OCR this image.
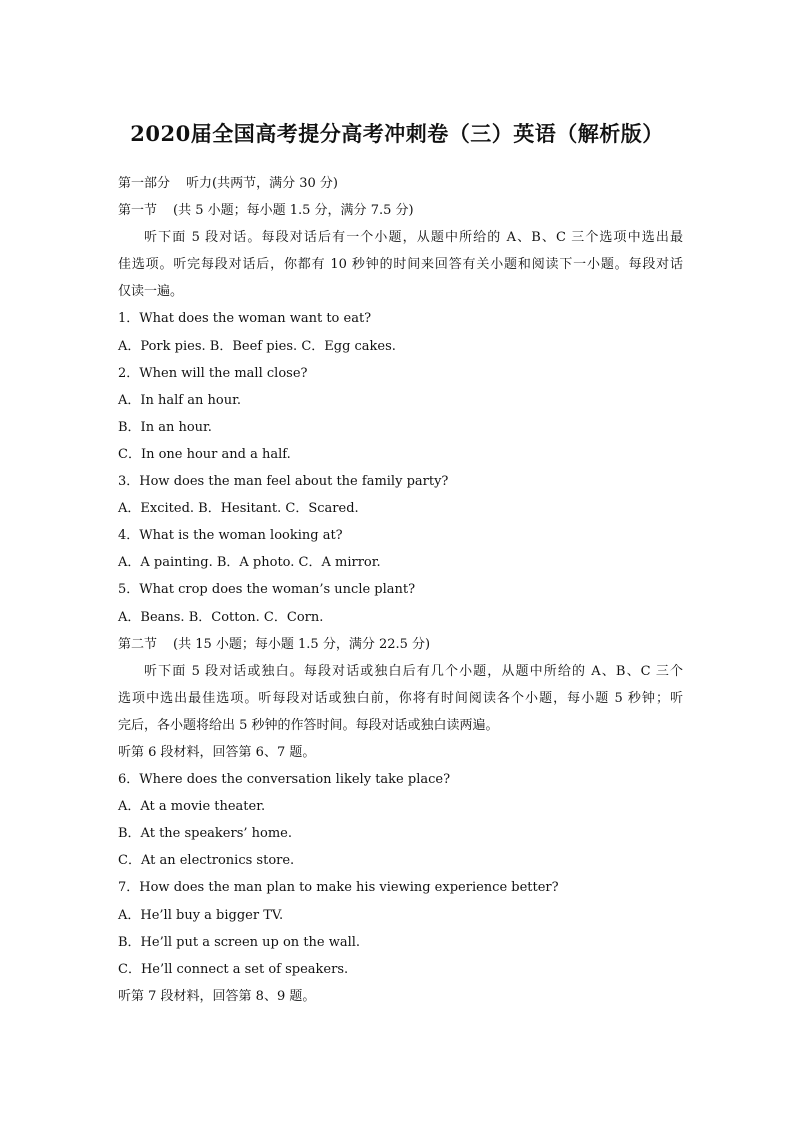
2020届全国高考提分高考冲刺卷（三）英语（解析版）
第一部分 听力(共两节，满分 30 分)
第一节 (共 5 小题；每小题 1.5 分，满分 7.5 分)
听下面 5 段对话。每段对话后有一个小题，从题中所给的 A、B、C 三个选项中选出最
佳选项。听完每段对话后，你都有 10 秒钟的时间来回答有关小题和阅读下一小题。每段对话
仅读一遍。
1．What does the woman want to eat?
A．Pork pies. B．Beef pies. C．Egg cakes.
2．When will the mall close?
A．In half an hour.
B．In an hour.
C．In one hour and a half.
3．How does the man feel about the family party?
A．Excited. B．Hesitant. C．Scared.
4．What is the woman looking at?
A．A painting. B．A photo. C．A mirror.
5．What crop does the woman’s uncle plant?
A．Beans. B．Cotton. C．Corn.
第二节 (共 15 小题；每小题 1.5 分，满分 22.5 分)
听下面 5 段对话或独白。每段对话或独白后有几个小题，从题中所给的 A、B、C 三个
选项中选出最佳选项。听每段对话或独白前，你将有时间阅读各个小题，每小题 5 秒钟；听
完后，各小题将给出 5 秒钟的作答时间。每段对话或独白读两遍。
听第 6 段材料，回答第 6、7 题。
6．Where does the conversation likely take place?
A．At a movie theater.
B．At the speakers’ home.
C．At an electronics store.
7．How does the man plan to make his viewing experience better?
A．He’ll buy a bigger TV.
B．He’ll put a screen up on the wall.
C．He’ll connect a set of speakers.
听第 7 段材料，回答第 8、9 题。
